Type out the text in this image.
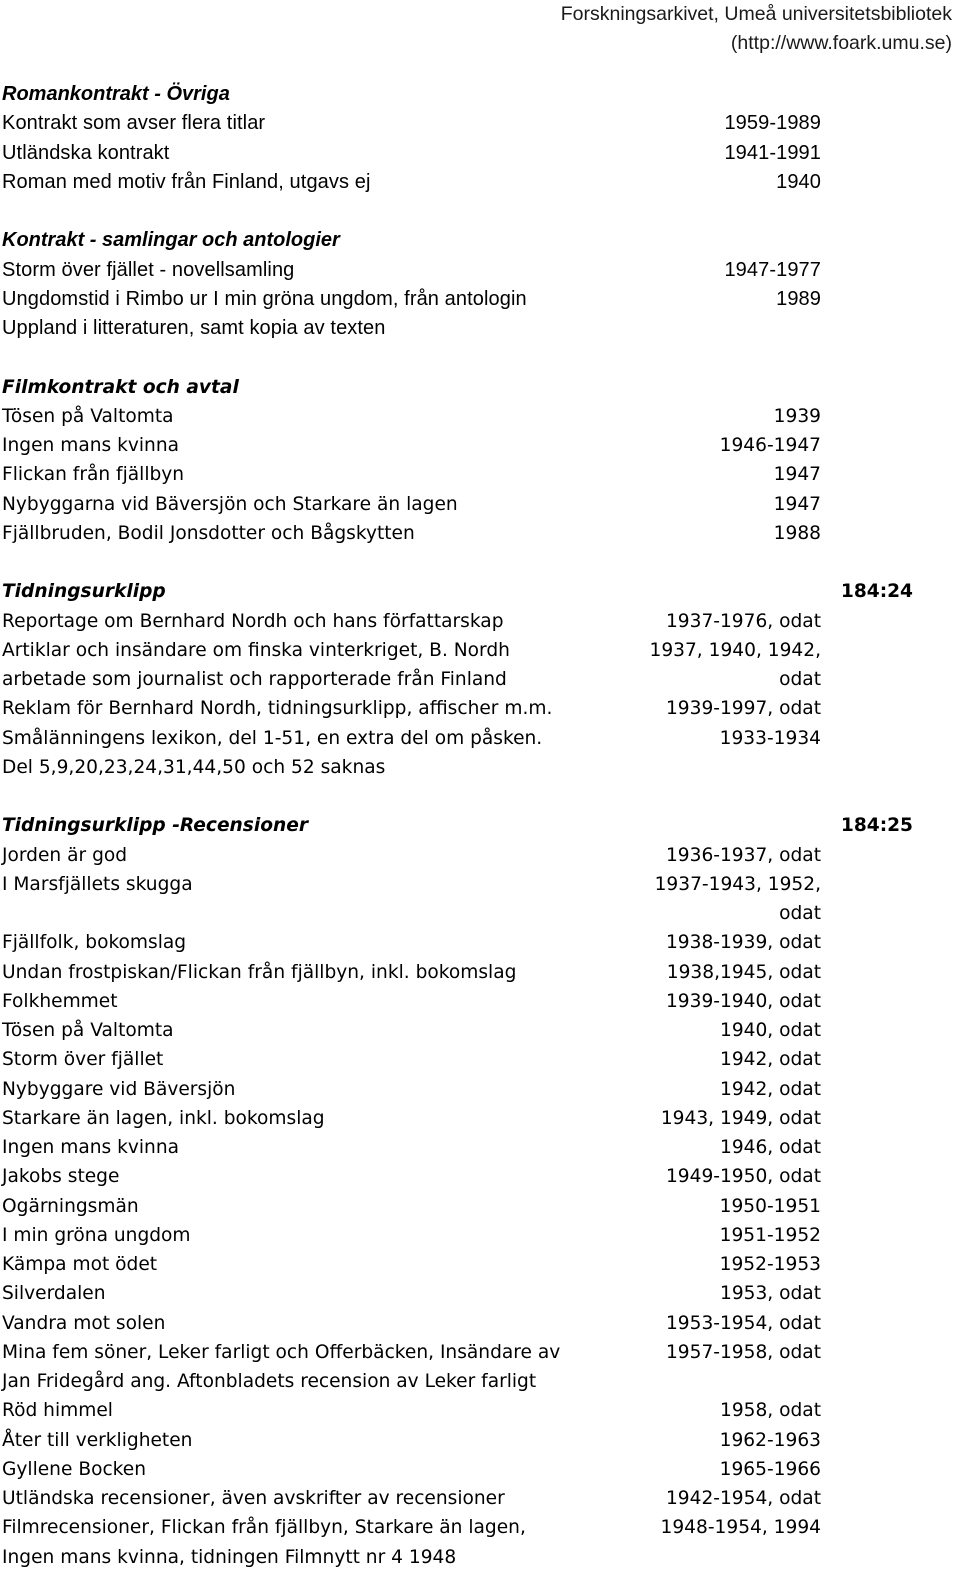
Forskningsarkivet, Umeå universitetsbibliotek
(http://www.foark.umu.se)
Romankontrakt - Övriga
Kontrakt som avser flera titlar	1959-1989
Utländska kontrakt	1941-1991
Roman med motiv från Finland, utgavs ej	1940
Kontrakt - samlingar och antologier
Storm över fjället - novellsamling	1947-1977
Ungdomstid i Rimbo ur I min gröna ungdom, från antologin	1989
Uppland i litteraturen, samt kopia av texten
Filmkontrakt och avtal
Tösen på Valtomta	1939
Ingen mans kvinna	1946-1947
Flickan från fjällbyn	1947
Nybyggarna vid Bäversjön och Starkare än lagen	1947
Fjällbruden, Bodil Jonsdotter och Bågskytten	1988
Tidningsurklipp	184:24
Reportage om Bernhard Nordh och hans författarskap	1937-1976, odat
Artiklar och insändare om finska vinterkriget, B. Nordh	1937, 1940, 1942,
arbetade som journalist och rapporterade från Finland	odat
Reklam för Bernhard Nordh, tidningsurklipp, affischer m.m.	1939-1997, odat
Smålänningens lexikon, del 1-51, en extra del om påsken.	1933-1934
Del 5,9,20,23,24,31,44,50 och 52 saknas
Tidningsurklipp -Recensioner	184:25
Jorden är god	1936-1937, odat
I Marsfjällets skugga	1937-1943, 1952,
odat
Fjällfolk, bokomslag	1938-1939, odat
Undan frostpiskan/Flickan från fjällbyn, inkl. bokomslag	1938,1945, odat
Folkhemmet	1939-1940, odat
Tösen på Valtomta	1940, odat
Storm över fjället	1942, odat
Nybyggare vid Bäversjön	1942, odat
Starkare än lagen, inkl. bokomslag	1943, 1949, odat
Ingen mans kvinna	1946, odat
Jakobs stege	1949-1950, odat
Ogärningsmän	1950-1951
I min gröna ungdom	1951-1952
Kämpa mot ödet	1952-1953
Silverdalen	1953, odat
Vandra mot solen	1953-1954, odat
Mina fem söner, Leker farligt och Offerbäcken, Insändare av	1957-1958, odat
Jan Fridegård ang. Aftonbladets recension av Leker farligt
Röd himmel	1958, odat
Åter till verkligheten	1962-1963
Gyllene Bocken	1965-1966
Utländska recensioner, även avskrifter av recensioner	1942-1954, odat
Filmrecensioner, Flickan från fjällbyn, Starkare än lagen,	1948-1954, 1994
Ingen mans kvinna, tidningen Filmnytt nr 4 1948
